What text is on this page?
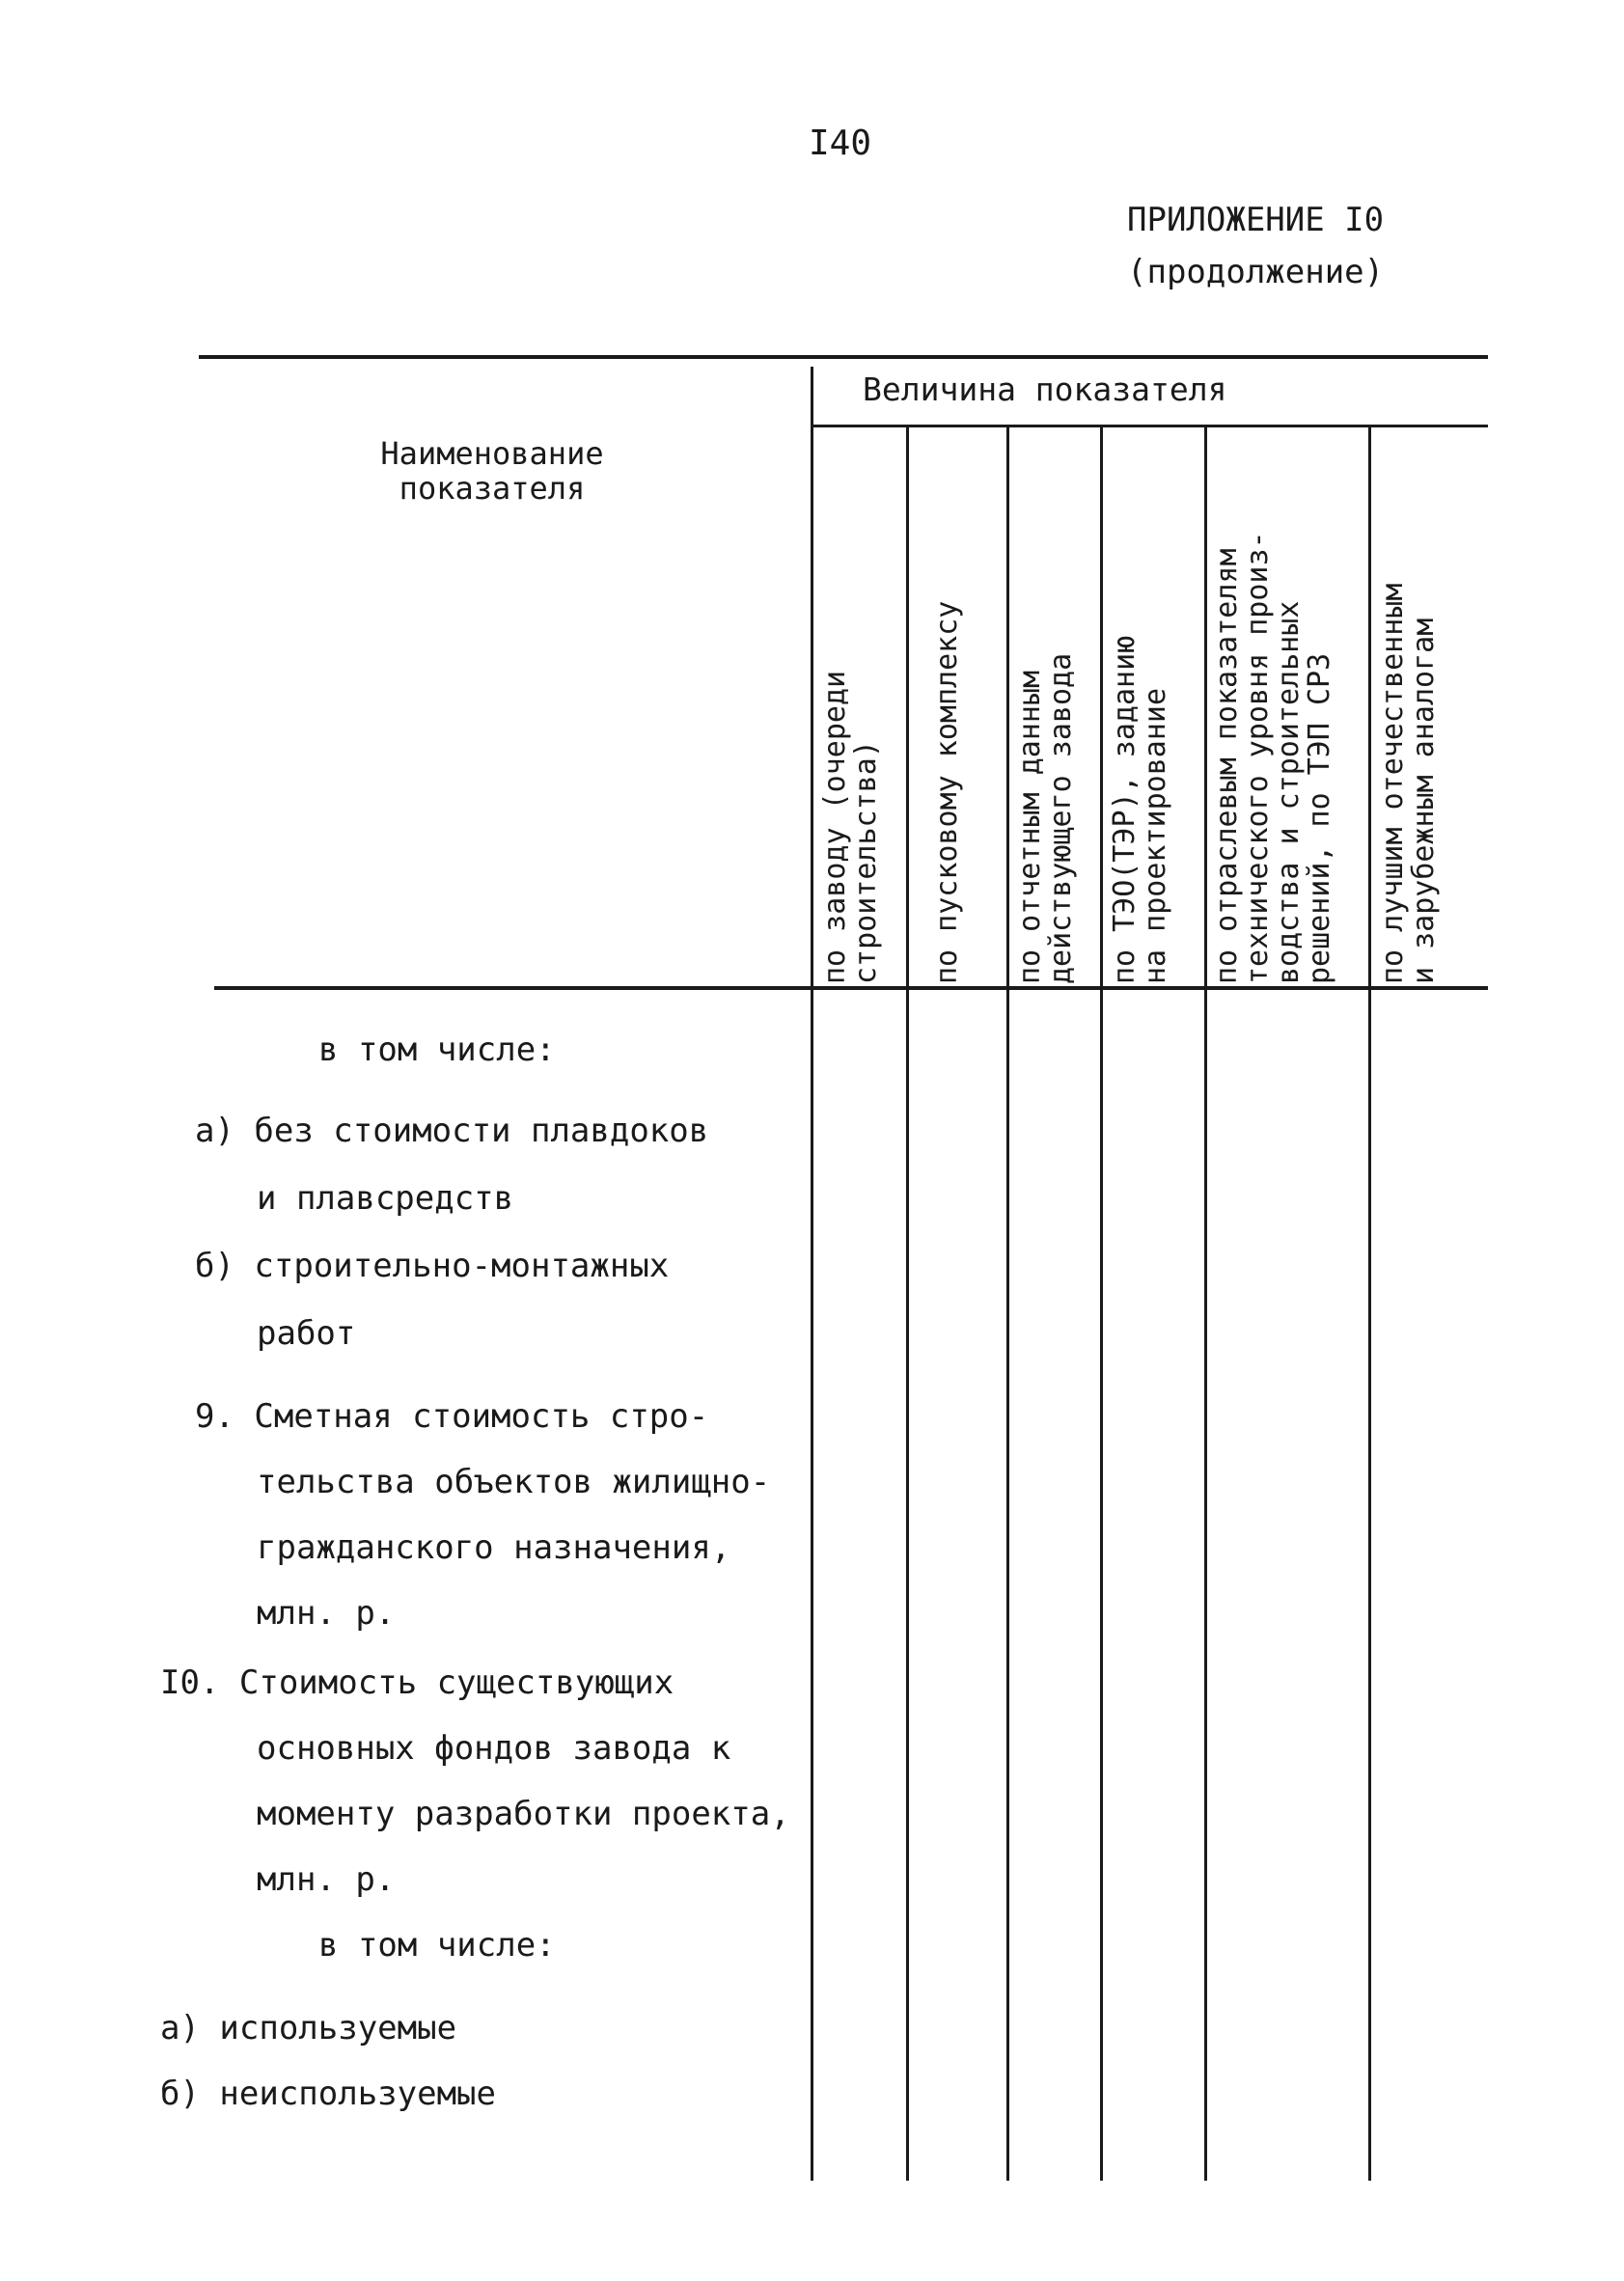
I40
ПРИЛОЖЕНИЕ I0
(продолжение)
Величина показателя
Наименование показателя
по заводу (очереди
строительства) по пусковому комплексу по отчетным данным
действующего завода по ТЭО(ТЭР), заданию
на проектирование по отраслевым показателям
технического уровня произ-
водства и строительных
решений, по ТЭП СРЗ по лучшим отечественным
и зарубежным аналогам
в том числе:
а) без стоимости плавдоков
и плавсредств
б) строительно-монтажных
работ
9. Сметная стоимость стро-
тельства объектов жилищно-
гражданского назначения,
млн. р.
I0. Стоимость существующих
основных фондов завода к
моменту разработки проекта,
млн. р.
в том числе:
а) используемые
б) неиспользуемые
